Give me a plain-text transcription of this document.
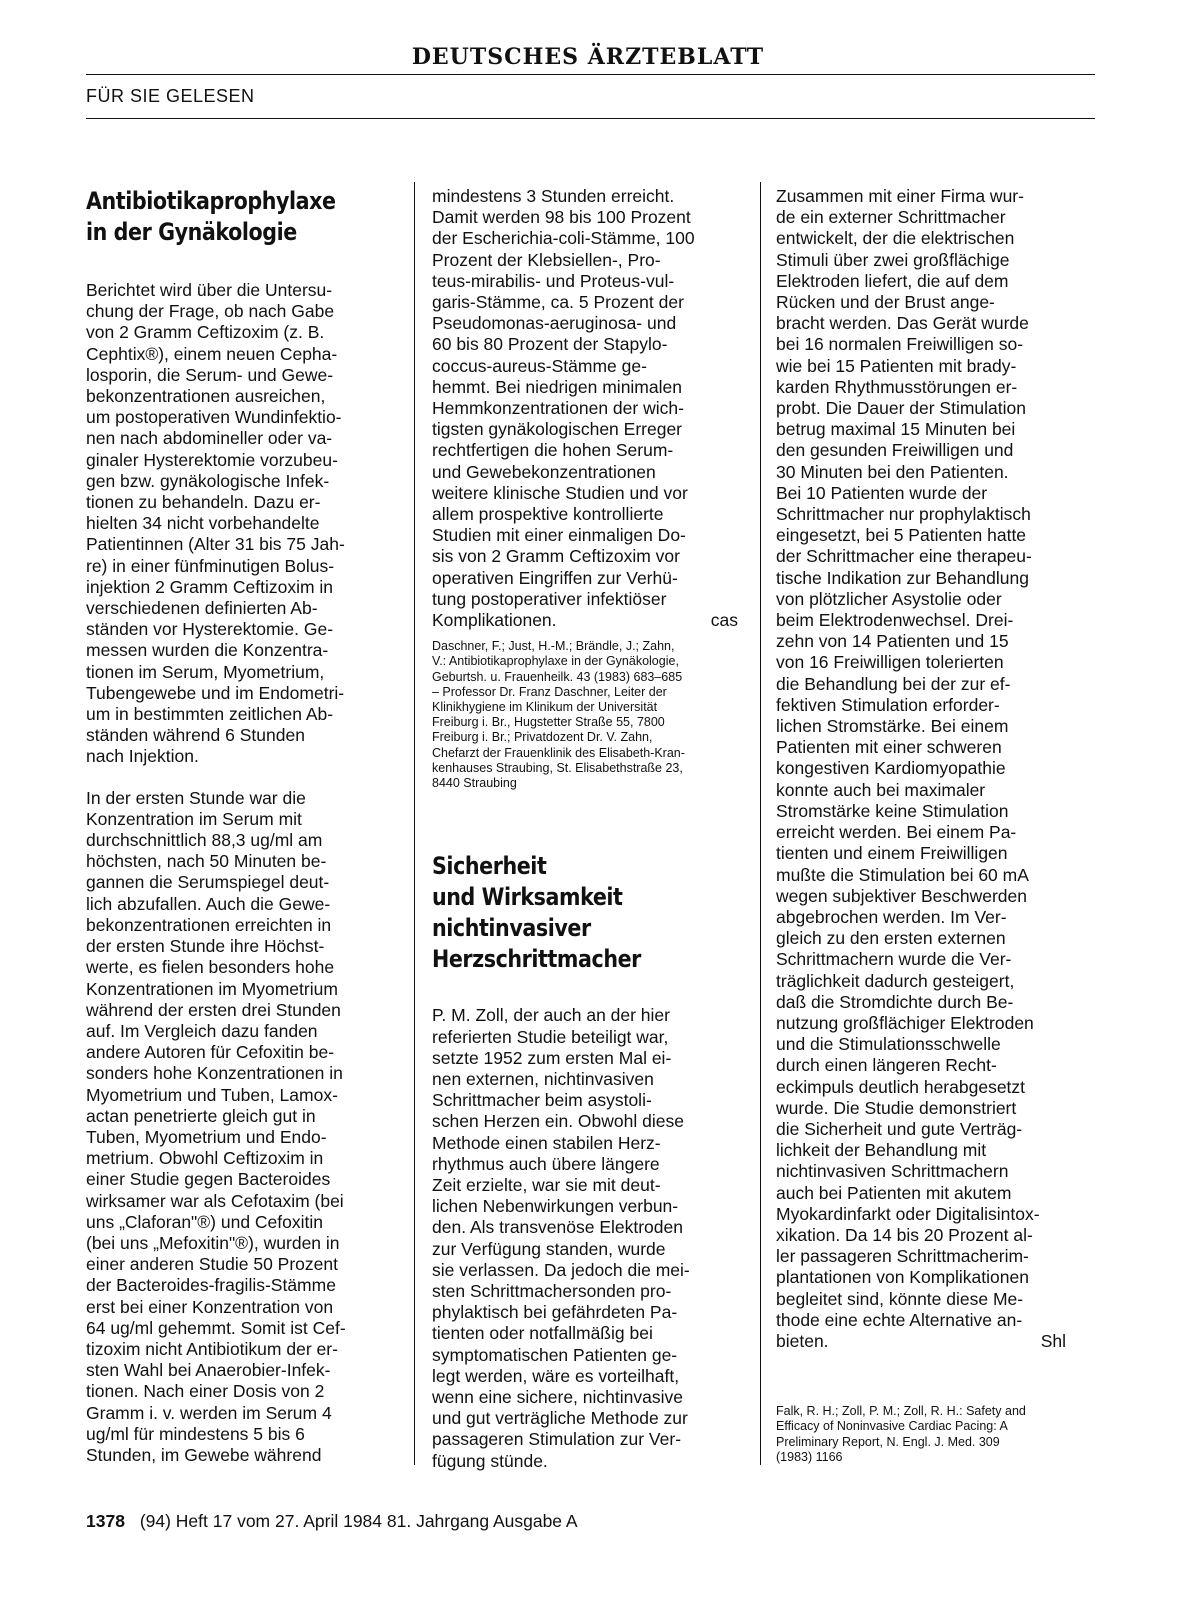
DEUTSCHES ÄRZTEBLATT
FÜR SIE GELESEN
Antibiotikaprophylaxe
in der Gynäkologie
Berichtet wird über die Untersu-
chung der Frage, ob nach Gabe
von 2 Gramm Ceftizoxim (z. B.
Cephtix®), einem neuen Cepha-
losporin, die Serum- und Gewe-
bekonzentrationen ausreichen,
um postoperativen Wundinfektio-
nen nach abdomineller oder va-
ginaler Hysterektomie vorzubeu-
gen bzw. gynäkologische Infek-
tionen zu behandeln. Dazu er-
hielten 34 nicht vorbehandelte
Patientinnen (Alter 31 bis 75 Jah-
re) in einer fünfminutigen Bolus-
injektion 2 Gramm Ceftizoxim in
verschiedenen definierten Ab-
ständen vor Hysterektomie. Ge-
messen wurden die Konzentra-
tionen im Serum, Myometrium,
Tubengewebe und im Endometri-
um in bestimmten zeitlichen Ab-
ständen während 6 Stunden
nach Injektion.
In der ersten Stunde war die
Konzentration im Serum mit
durchschnittlich 88,3 ug/ml am
höchsten, nach 50 Minuten be-
gannen die Serumspiegel deut-
lich abzufallen. Auch die Gewe-
bekonzentrationen erreichten in
der ersten Stunde ihre Höchst-
werte, es fielen besonders hohe
Konzentrationen im Myometrium
während der ersten drei Stunden
auf. Im Vergleich dazu fanden
andere Autoren für Cefoxitin be-
sonders hohe Konzentrationen in
Myometrium und Tuben, Lamox-
actan penetrierte gleich gut in
Tuben, Myometrium und Endo-
metrium. Obwohl Ceftizoxim in
einer Studie gegen Bacteroides
wirksamer war als Cefotaxim (bei
uns „Claforan"®) und Cefoxitin
(bei uns „Mefoxitin"®), wurden in
einer anderen Studie 50 Prozent
der Bacteroides-fragilis-Stämme
erst bei einer Konzentration von
64 ug/ml gehemmt. Somit ist Cef-
tizoxim nicht Antibiotikum der er-
sten Wahl bei Anaerobier-Infek-
tionen. Nach einer Dosis von 2
Gramm i. v. werden im Serum 4
ug/ml für mindestens 5 bis 6
Stunden, im Gewebe während
mindestens 3 Stunden erreicht.
Damit werden 98 bis 100 Prozent
der Escherichia-coli-Stämme, 100
Prozent der Klebsiellen-, Pro-
teus-mirabilis- und Proteus-vul-
garis-Stämme, ca. 5 Prozent der
Pseudomonas-aeruginosa- und
60 bis 80 Prozent der Stapylo-
coccus-aureus-Stämme ge-
hemmt. Bei niedrigen minimalen
Hemmkonzentrationen der wich-
tigsten gynäkologischen Erreger
rechtfertigen die hohen Serum-
und Gewebekonzentrationen
weitere klinische Studien und vor
allem prospektive kontrollierte
Studien mit einer einmaligen Do-
sis von 2 Gramm Ceftizoxim vor
operativen Eingriffen zur Verhü-
tung postoperativer infektiöser
Komplikationen.	cas
Daschner, F.; Just, H.-M.; Brändle, J.; Zahn,
V.: Antibiotikaprophylaxe in der Gynäkologie,
Geburtsh. u. Frauenheilk. 43 (1983) 683–685
– Professor Dr. Franz Daschner, Leiter der
Klinikhygiene im Klinikum der Universität
Freiburg i. Br., Hugstetter Straße 55, 7800
Freiburg i. Br.; Privatdozent Dr. V. Zahn,
Chefarzt der Frauenklinik des Elisabeth-Kran-
kenhauses Straubing, St. Elisabethstraße 23,
8440 Straubing
Sicherheit
und Wirksamkeit
nichtinvasiver
Herzschrittmacher
P. M. Zoll, der auch an der hier
referierten Studie beteiligt war,
setzte 1952 zum ersten Mal ei-
nen externen, nichtinvasiven
Schrittmacher beim asystoli-
schen Herzen ein. Obwohl diese
Methode einen stabilen Herz-
rhythmus auch übere längere
Zeit erzielte, war sie mit deut-
lichen Nebenwirkungen verbun-
den. Als transvenöse Elektroden
zur Verfügung standen, wurde
sie verlassen. Da jedoch die mei-
sten Schrittmachersonden pro-
phylaktisch bei gefährdeten Pa-
tienten oder notfallmäßig bei
symptomatischen Patienten ge-
legt werden, wäre es vorteilhaft,
wenn eine sichere, nichtinvasive
und gut verträgliche Methode zur
passageren Stimulation zur Ver-
fügung stünde.
Zusammen mit einer Firma wur-
de ein externer Schrittmacher
entwickelt, der die elektrischen
Stimuli über zwei großflächige
Elektroden liefert, die auf dem
Rücken und der Brust ange-
bracht werden. Das Gerät wurde
bei 16 normalen Freiwilligen so-
wie bei 15 Patienten mit brady-
karden Rhythmusstörungen er-
probt. Die Dauer der Stimulation
betrug maximal 15 Minuten bei
den gesunden Freiwilligen und
30 Minuten bei den Patienten.
Bei 10 Patienten wurde der
Schrittmacher nur prophylaktisch
eingesetzt, bei 5 Patienten hatte
der Schrittmacher eine therapeu-
tische Indikation zur Behandlung
von plötzlicher Asystolie oder
beim Elektrodenwechsel. Drei-
zehn von 14 Patienten und 15
von 16 Freiwilligen tolerierten
die Behandlung bei der zur ef-
fektiven Stimulation erforder-
lichen Stromstärke. Bei einem
Patienten mit einer schweren
kongestiven Kardiomyopathie
konnte auch bei maximaler
Stromstärke keine Stimulation
erreicht werden. Bei einem Pa-
tienten und einem Freiwilligen
mußte die Stimulation bei 60 mA
wegen subjektiver Beschwerden
abgebrochen werden. Im Ver-
gleich zu den ersten externen
Schrittmachern wurde die Ver-
träglichkeit dadurch gesteigert,
daß die Stromdichte durch Be-
nutzung großflächiger Elektroden
und die Stimulationsschwelle
durch einen längeren Recht-
eckimpuls deutlich herabgesetzt
wurde. Die Studie demonstriert
die Sicherheit und gute Verträg-
lichkeit der Behandlung mit
nichtinvasiven Schrittmachern
auch bei Patienten mit akutem
Myokardinfarkt oder Digitalisintox-
xikation. Da 14 bis 20 Prozent al-
ler passageren Schrittmacherim-
plantationen von Komplikationen
begleitet sind, könnte diese Me-
thode eine echte Alternative an-
bieten.	Shl
Falk, R. H.; Zoll, P. M.; Zoll, R. H.: Safety and
Efficacy of Noninvasive Cardiac Pacing: A
Preliminary Report, N. Engl. J. Med. 309
(1983) 1166
1378 (94) Heft 17 vom 27. April 1984 81. Jahrgang Ausgabe A
